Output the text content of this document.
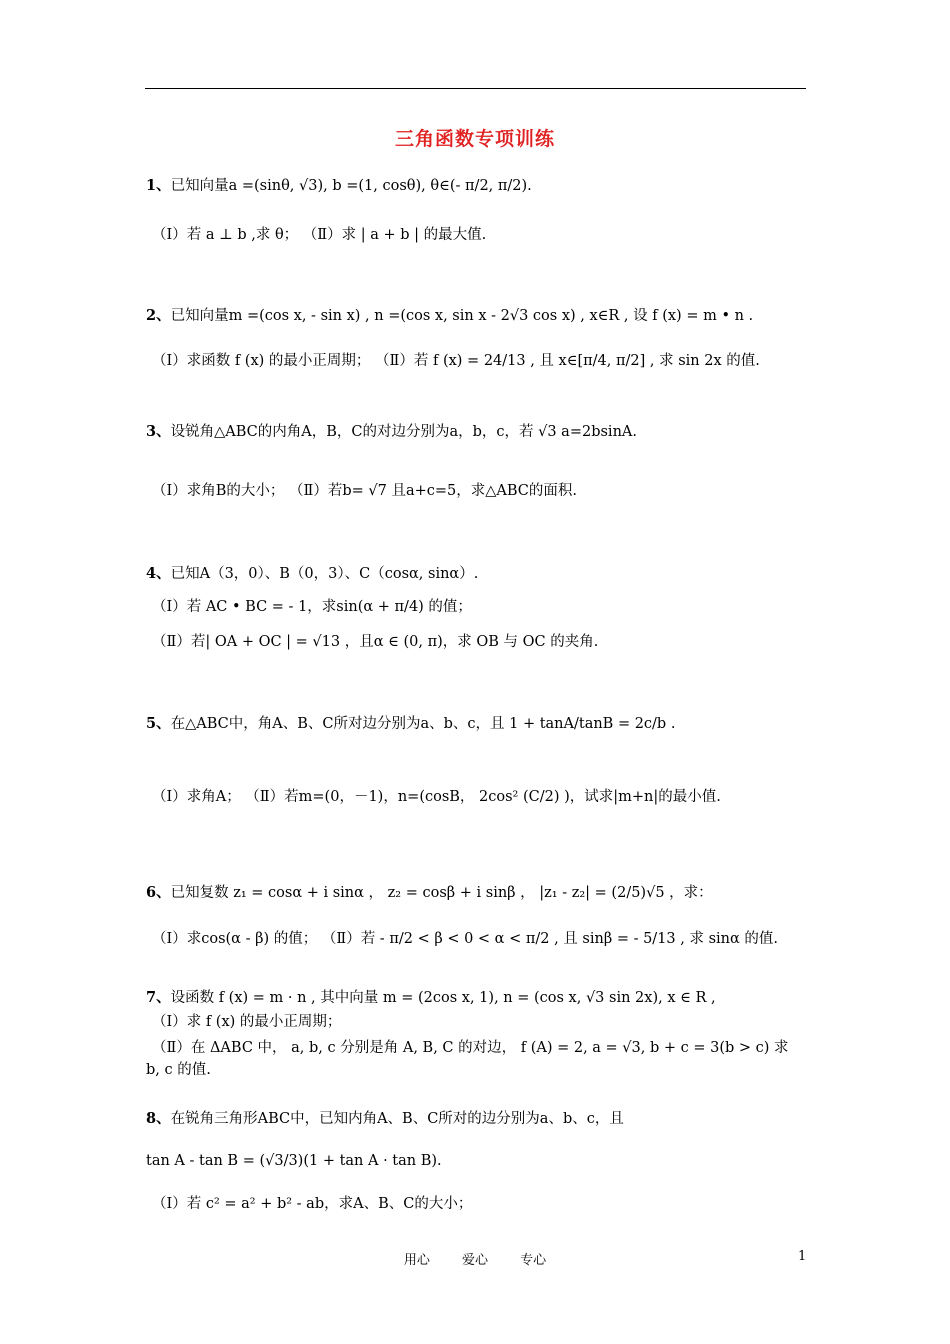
三角函数专项训练
1、已知向量a =(sinθ, √3), b =(1, cosθ), θ∈(- π/2, π/2).
（Ⅰ）若 a ⊥ b ,求 θ； （Ⅱ）求 | a + b | 的最大值.
2、已知向量m =(cos x, - sin x) , n =(cos x, sin x - 2√3 cos x) , x∈R , 设 f (x) = m • n .
（Ⅰ）求函数 f (x) 的最小正周期； （Ⅱ）若 f (x) = 24/13 , 且 x∈[π/4, π/2] , 求 sin 2x 的值.
3、设锐角△ABC的内角A，B，C的对边分别为a，b，c，若 √3 a=2bsinA.
（Ⅰ）求角B的大小； （Ⅱ）若b= √7 且a+c=5，求△ABC的面积.
4、已知A（3，0）、B（0，3）、C（cosα, sinα）.
（Ⅰ）若 AC • BC = - 1，求sin(α + π/4) 的值；
（Ⅱ）若| OA + OC | = √13 ，且α ∈ (0, π)，求 OB 与 OC 的夹角.
5、在△ABC中，角A、B、C所对边分别为a、b、c，且 1 + tanA/tanB = 2c/b .
（Ⅰ）求角A； （Ⅱ）若m=(0，－1)，n=(cosB， 2cos² (C/2) )，试求|m+n|的最小值.
6、已知复数 z₁ = cosα + i sinα ， z₂ = cosβ + i sinβ ， |z₁ - z₂| = (2/5)√5 ，求：
（Ⅰ）求cos(α - β) 的值； （Ⅱ）若 - π/2 < β < 0 < α < π/2 , 且 sinβ = - 5/13 , 求 sinα 的值.
7、设函数 f (x) = m · n , 其中向量 m = (2cos x, 1), n = (cos x, √3 sin 2x), x ∈ R ,
（Ⅰ）求 f (x) 的最小正周期；
（Ⅱ）在 ΔABC 中， a, b, c 分别是角 A, B, C 的对边， f (A) = 2, a = √3, b + c = 3(b > c) 求
b, c 的值.
8、在锐角三角形ABC中，已知内角A、B、C所对的边分别为a、b、c，且
tan A - tan B = (√3/3)(1 + tan A · tan B).
（Ⅰ）若 c² = a² + b² - ab，求A、B、C的大小；
用心 爱心 专心	1
